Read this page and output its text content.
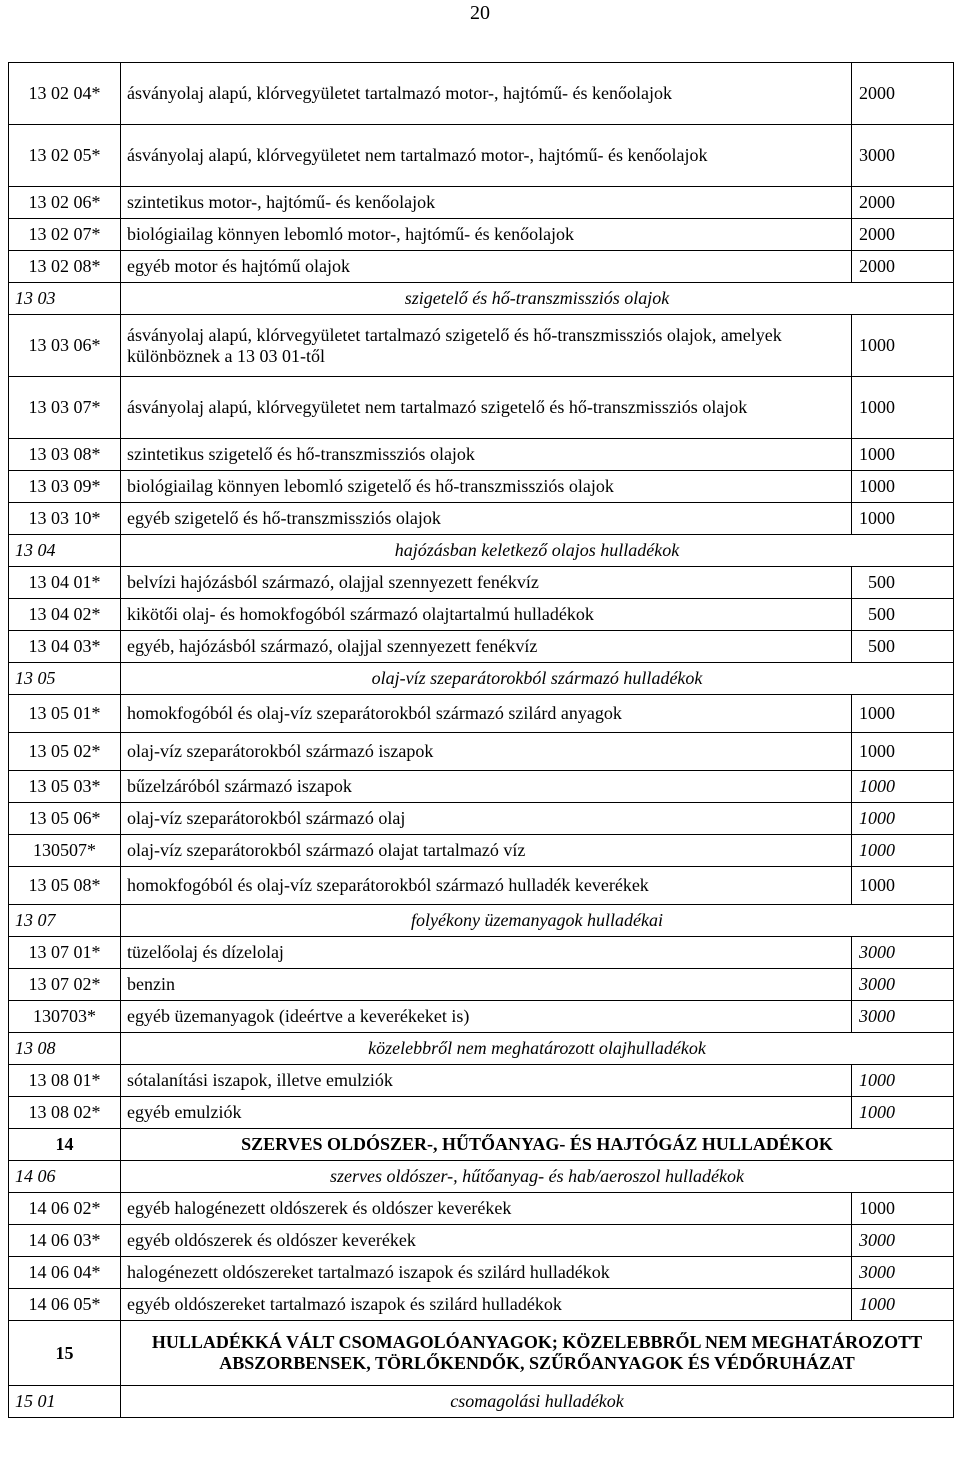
20
13 02 04*	ásványolaj alapú, klórvegyületet tartalmazó motor-, hajtómű- és kenőolajok	2000
13 02 05*	ásványolaj alapú, klórvegyületet nem tartalmazó motor-, hajtómű- és kenőolajok	3000
13 02 06*	szintetikus motor-, hajtómű- és kenőolajok	2000
13 02 07*	biológiailag könnyen lebomló motor-, hajtómű- és kenőolajok	2000
13 02 08*	egyéb motor és hajtómű olajok	2000
13 03	szigetelő és hő-transzmissziós olajok	
13 03 06*	ásványolaj alapú, klórvegyületet tartalmazó szigetelő és hő-transzmissziós olajok, amelyek különböznek a 13 03 01-től	1000
13 03 07*	ásványolaj alapú, klórvegyületet nem tartalmazó szigetelő és hő-transzmissziós olajok	1000
13 03 08*	szintetikus szigetelő és hő-transzmissziós olajok	1000
13 03 09*	biológiailag könnyen lebomló szigetelő és hő-transzmissziós olajok	1000
13 03 10*	egyéb szigetelő és hő-transzmissziós olajok	1000
13 04	hajózásban keletkező olajos hulladékok	
13 04 01*	belvízi hajózásból származó, olajjal szennyezett fenékvíz	500
13 04 02*	kikötői olaj- és homokfogóból származó olajtartalmú hulladékok	500
13 04 03*	egyéb, hajózásból származó, olajjal szennyezett fenékvíz	500
13 05	olaj-víz szeparátorokból származó hulladékok	
13 05 01*	homokfogóból és olaj-víz szeparátorokból származó szilárd anyagok	1000
13 05 02*	olaj-víz szeparátorokból származó iszapok	1000
13 05 03*	bűzelzáróból származó iszapok	1000
13 05 06*	olaj-víz szeparátorokból származó olaj	1000
130507*	olaj-víz szeparátorokból származó olajat tartalmazó víz	1000
13 05 08*	homokfogóból és olaj-víz szeparátorokból származó hulladék keverékek	1000
13 07	folyékony üzemanyagok hulladékai	
13 07 01*	tüzelőolaj és dízelolaj	3000
13 07 02*	benzin	3000
130703*	egyéb üzemanyagok (ideértve a keverékeket is)	3000
13 08	közelebbről nem meghatározott olajhulladékok	
13 08 01*	sótalanítási iszapok, illetve emulziók	1000
13 08 02*	egyéb emulziók	1000
14	SZERVES OLDÓSZER-, HŰTŐANYAG- ÉS HAJTÓGÁZ HULLADÉKOK	
14 06	szerves oldószer-, hűtőanyag- és hab/aeroszol hulladékok	
14 06 02*	egyéb halogénezett oldószerek és oldószer keverékek	1000
14 06 03*	egyéb oldószerek és oldószer keverékek	3000
14 06 04*	halogénezett oldószereket tartalmazó iszapok és szilárd hulladékok	3000
14 06 05*	egyéb oldószereket tartalmazó iszapok és szilárd hulladékok	1000
15	HULLADÉKKÁ VÁLT CSOMAGOLÓANYAGOK; KÖZELEBBRŐL NEM MEGHATÁROZOTT ABSZORBENSEK, TÖRLŐKENDŐK, SZŰRŐANYAGOK ÉS VÉDŐRUHÁZAT	
15 01	csomagolási hulladékok	
